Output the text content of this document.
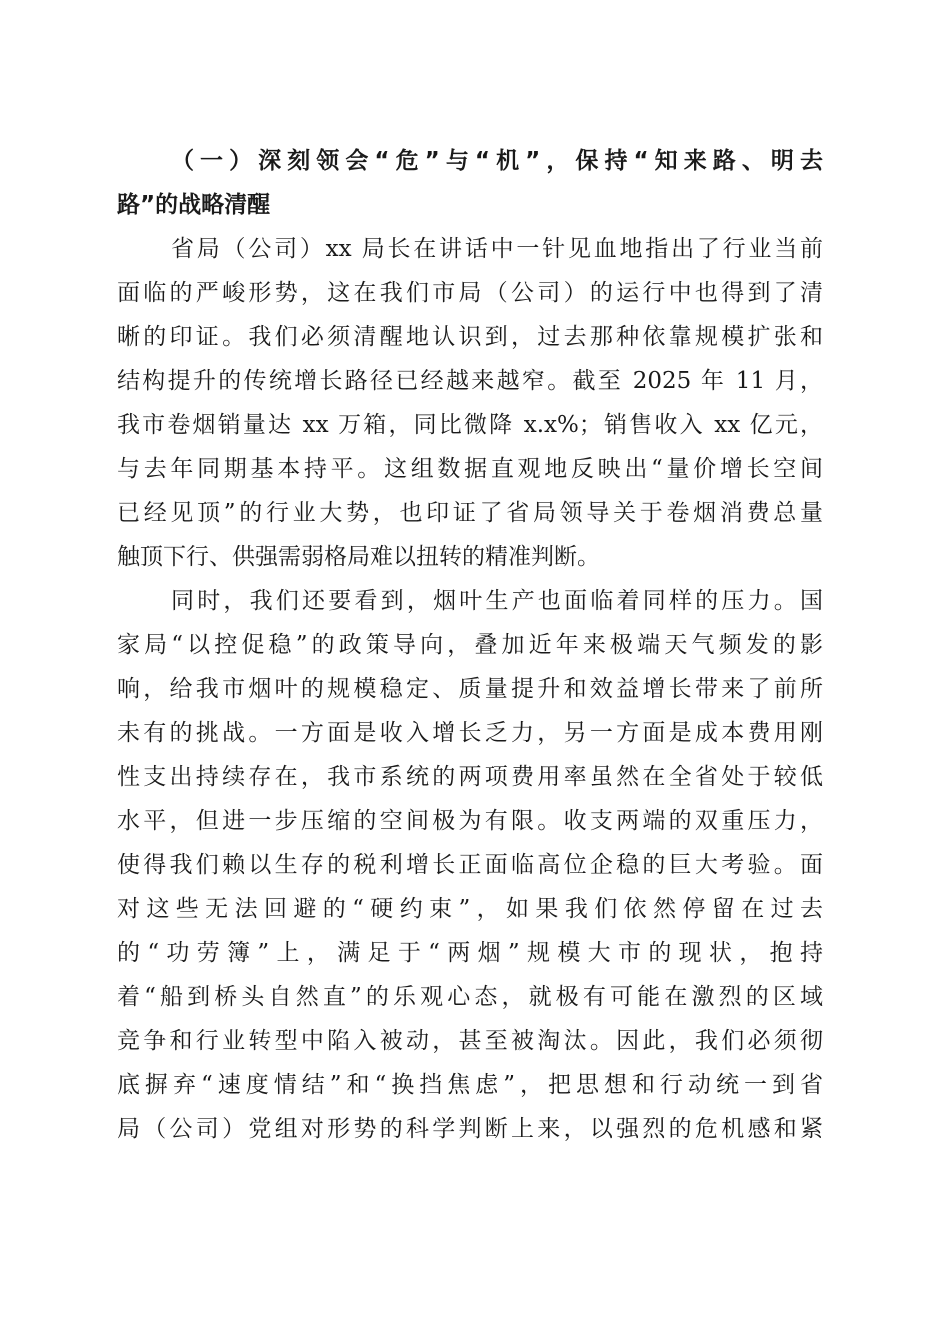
（一）深刻领会“危”与“机”，保持“知来路、明去
路”的战略清醒
省局（公司）xx 局长在讲话中一针见血地指出了行业当前
面临的严峻形势，这在我们市局（公司）的运行中也得到了清
晰的印证。我们必须清醒地认识到，过去那种依靠规模扩张和
结构提升的传统增长路径已经越来越窄。截至 2025 年 11 月，
我市卷烟销量达 xx 万箱，同比微降 x.x%；销售收入 xx 亿元，
与去年同期基本持平。这组数据直观地反映出“量价增长空间
已经见顶”的行业大势，也印证了省局领导关于卷烟消费总量
触顶下行、供强需弱格局难以扭转的精准判断。
同时，我们还要看到，烟叶生产也面临着同样的压力。国
家局“以控促稳”的政策导向，叠加近年来极端天气频发的影
响，给我市烟叶的规模稳定、质量提升和效益增长带来了前所
未有的挑战。一方面是收入增长乏力，另一方面是成本费用刚
性支出持续存在，我市系统的两项费用率虽然在全省处于较低
水平，但进一步压缩的空间极为有限。收支两端的双重压力，
使得我们赖以生存的税利增长正面临高位企稳的巨大考验。面
对这些无法回避的“硬约束”，如果我们依然停留在过去
的“功劳簿”上，满足于“两烟”规模大市的现状，抱持
着“船到桥头自然直”的乐观心态，就极有可能在激烈的区域
竞争和行业转型中陷入被动，甚至被淘汰。因此，我们必须彻
底摒弃“速度情结”和“换挡焦虑”，把思想和行动统一到省
局（公司）党组对形势的科学判断上来，以强烈的危机感和紧
